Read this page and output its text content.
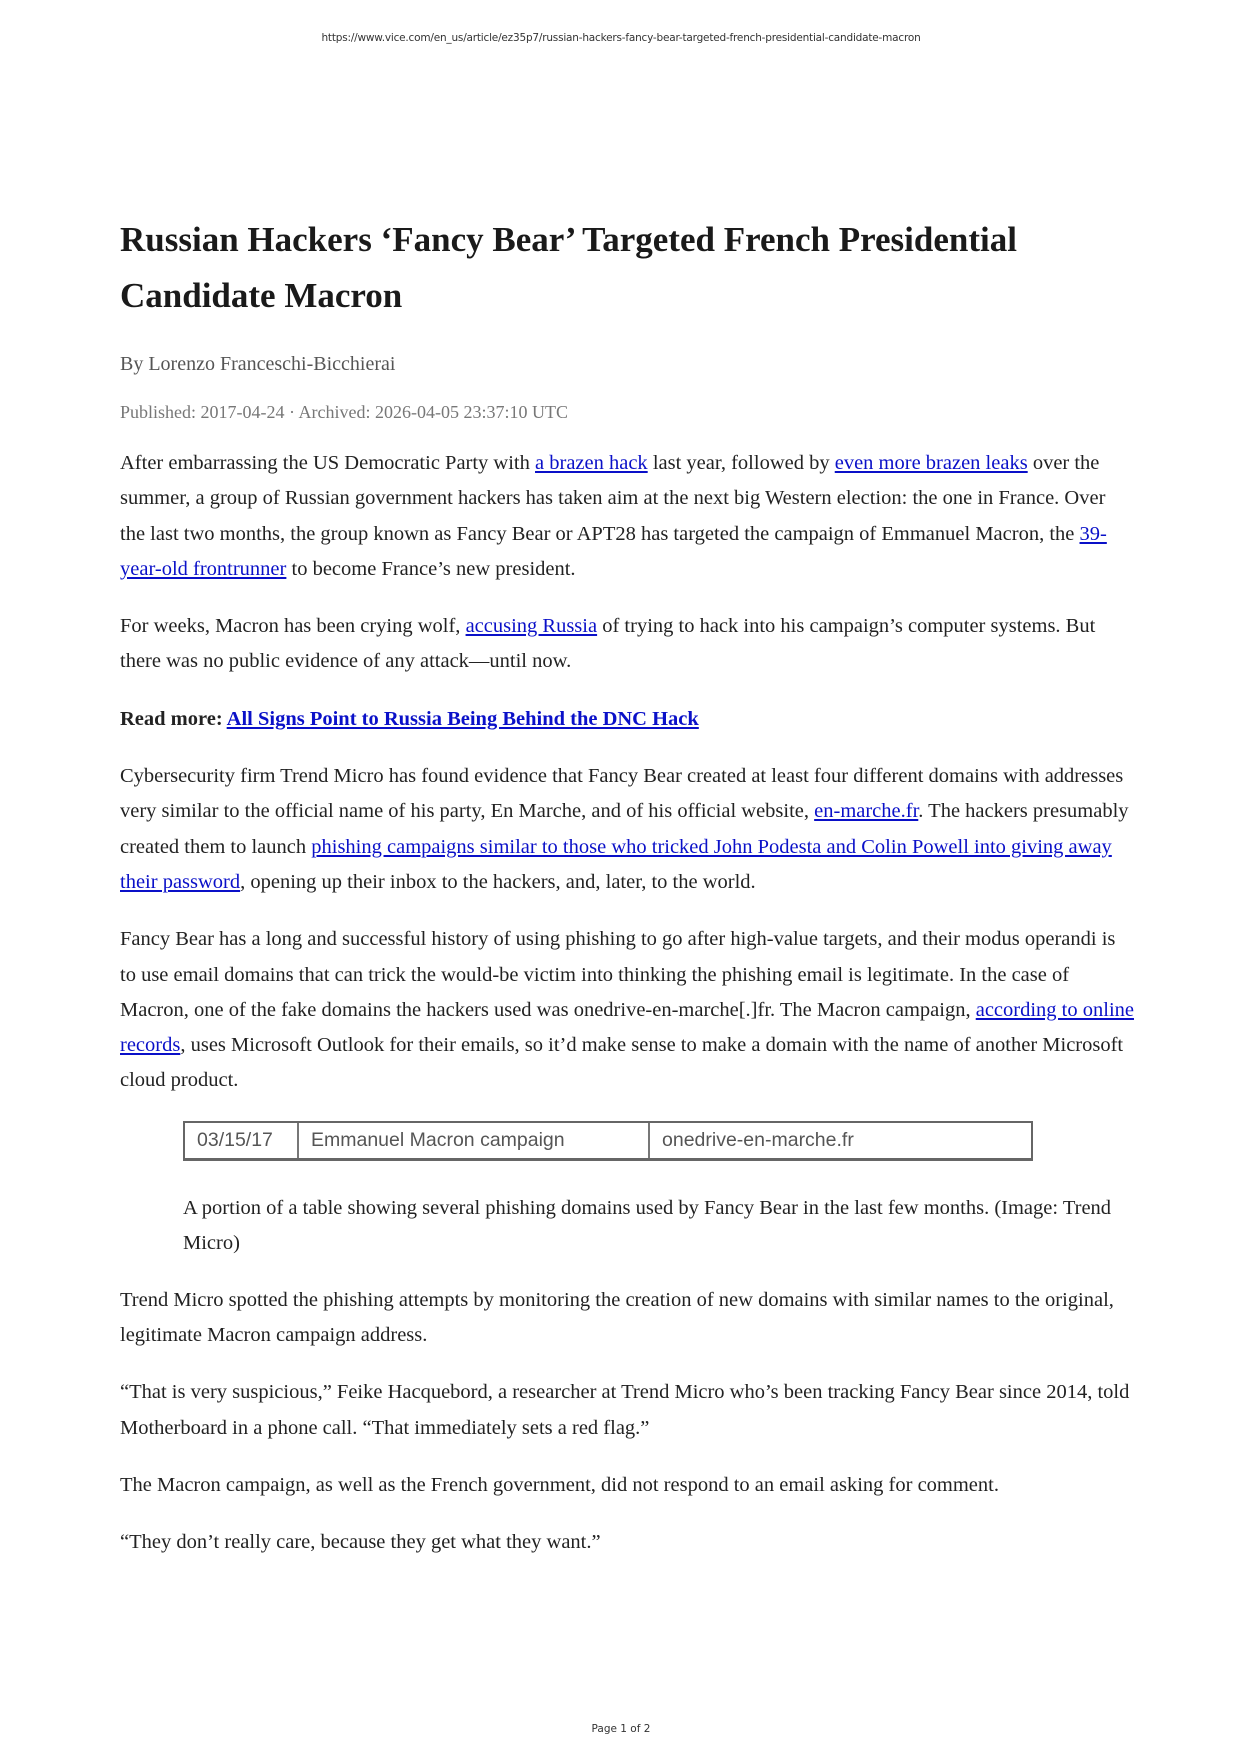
https://www.vice.com/en_us/article/ez35p7/russian-hackers-fancy-bear-targeted-french-presidential-candidate-macron
Russian Hackers ‘Fancy Bear’ Targeted French Presidential Candidate Macron
By Lorenzo Franceschi-Bicchierai
Published: 2017-04-24 · Archived: 2026-04-05 23:37:10 UTC

After embarrassing the US Democratic Party with a brazen hack last year, followed by even more brazen leaks over the summer, a group of Russian government hackers has taken aim at the next big Western election: the one in France. Over the last two months, the group known as Fancy Bear or APT28 has targeted the campaign of Emmanuel Macron, the 39-year-old frontrunner to become France’s new president.

For weeks, Macron has been crying wolf, accusing Russia of trying to hack into his campaign’s computer systems. But there was no public evidence of any attack—until now.

Read more: All Signs Point to Russia Being Behind the DNC Hack

Cybersecurity firm Trend Micro has found evidence that Fancy Bear created at least four different domains with addresses very similar to the official name of his party, En Marche, and of his official website, en-marche.fr. The hackers presumably created them to launch phishing campaigns similar to those who tricked John Podesta and Colin Powell into giving away their password, opening up their inbox to the hackers, and, later, to the world.

Fancy Bear has a long and successful history of using phishing to go after high-value targets, and their modus operandi is to use email domains that can trick the would-be victim into thinking the phishing email is legitimate. In the case of Macron, one of the fake domains the hackers used was onedrive-en-marche[.]fr. The Macron campaign, according to online records, uses Microsoft Outlook for their emails, so it’d make sense to make a domain with the name of another Microsoft cloud product.

03/15/17	Emmanuel Macron campaign	onedrive-en-marche.fr
A portion of a table showing several phishing domains used by Fancy Bear in the last few months. (Image: Trend Micro)

Trend Micro spotted the phishing attempts by monitoring the creation of new domains with similar names to the original, legitimate Macron campaign address.

“That is very suspicious,” Feike Hacquebord, a researcher at Trend Micro who’s been tracking Fancy Bear since 2014, told Motherboard in a phone call. “That immediately sets a red flag.”

The Macron campaign, as well as the French government, did not respond to an email asking for comment.

“They don’t really care, because they get what they want.”

Page 1 of 2
